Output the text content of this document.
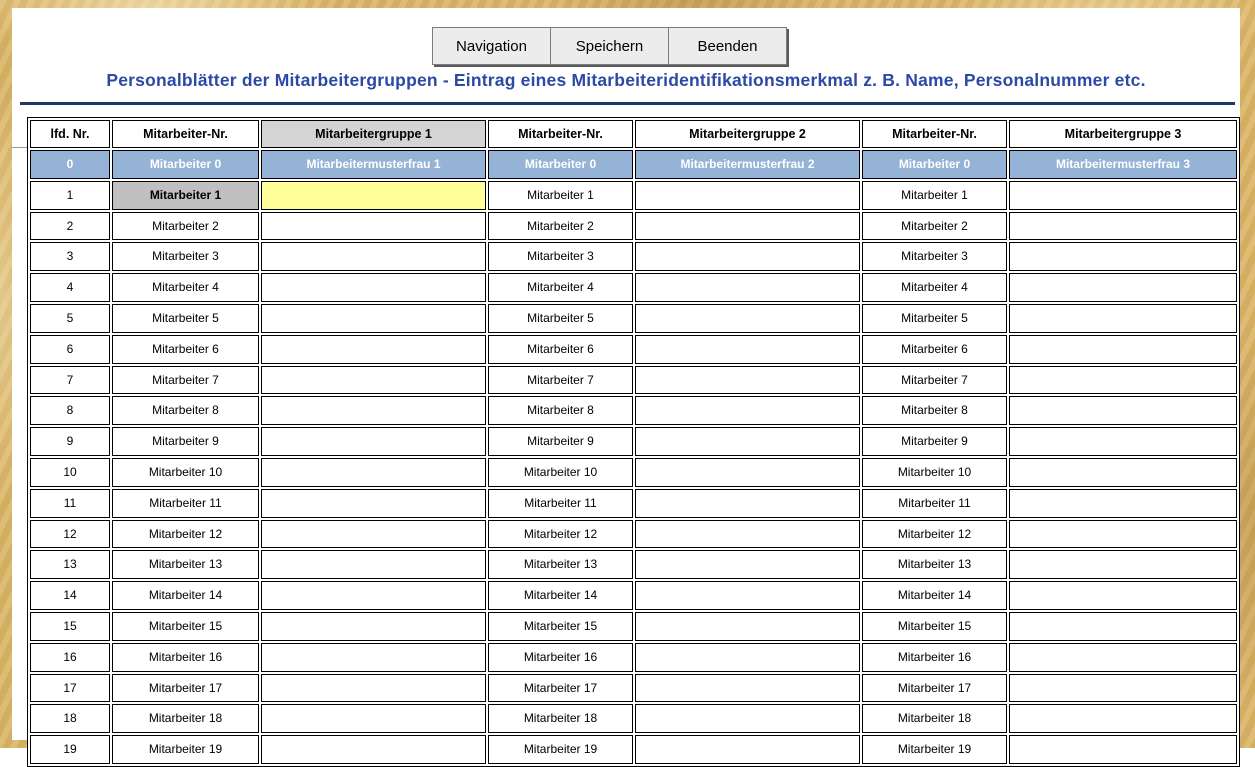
Navigation	Speichern	Beenden
Personalblätter der Mitarbeitergruppen - Eintrag eines Mitarbeiteridentifikationsmerkmal z. B. Name, Personalnummer etc.
lfd. Nr.	Mitarbeiter-Nr.	Mitarbeitergruppe 1	Mitarbeiter-Nr.	Mitarbeitergruppe 2	Mitarbeiter-Nr.	Mitarbeitergruppe 3
0	Mitarbeiter 0	Mitarbeitermusterfrau 1	Mitarbeiter 0	Mitarbeitermusterfrau 2	Mitarbeiter 0	Mitarbeitermusterfrau 3
1	Mitarbeiter 1		Mitarbeiter 1		Mitarbeiter 1	
2	Mitarbeiter 2		Mitarbeiter 2		Mitarbeiter 2	
3	Mitarbeiter 3		Mitarbeiter 3		Mitarbeiter 3	
4	Mitarbeiter 4		Mitarbeiter 4		Mitarbeiter 4	
5	Mitarbeiter 5		Mitarbeiter 5		Mitarbeiter 5	
6	Mitarbeiter 6		Mitarbeiter 6		Mitarbeiter 6	
7	Mitarbeiter 7		Mitarbeiter 7		Mitarbeiter 7	
8	Mitarbeiter 8		Mitarbeiter 8		Mitarbeiter 8	
9	Mitarbeiter 9		Mitarbeiter 9		Mitarbeiter 9	
10	Mitarbeiter 10		Mitarbeiter 10		Mitarbeiter 10	
11	Mitarbeiter 11		Mitarbeiter 11		Mitarbeiter 11	
12	Mitarbeiter 12		Mitarbeiter 12		Mitarbeiter 12	
13	Mitarbeiter 13		Mitarbeiter 13		Mitarbeiter 13	
14	Mitarbeiter 14		Mitarbeiter 14		Mitarbeiter 14	
15	Mitarbeiter 15		Mitarbeiter 15		Mitarbeiter 15	
16	Mitarbeiter 16		Mitarbeiter 16		Mitarbeiter 16	
17	Mitarbeiter 17		Mitarbeiter 17		Mitarbeiter 17	
18	Mitarbeiter 18		Mitarbeiter 18		Mitarbeiter 18	
19	Mitarbeiter 19		Mitarbeiter 19		Mitarbeiter 19	
